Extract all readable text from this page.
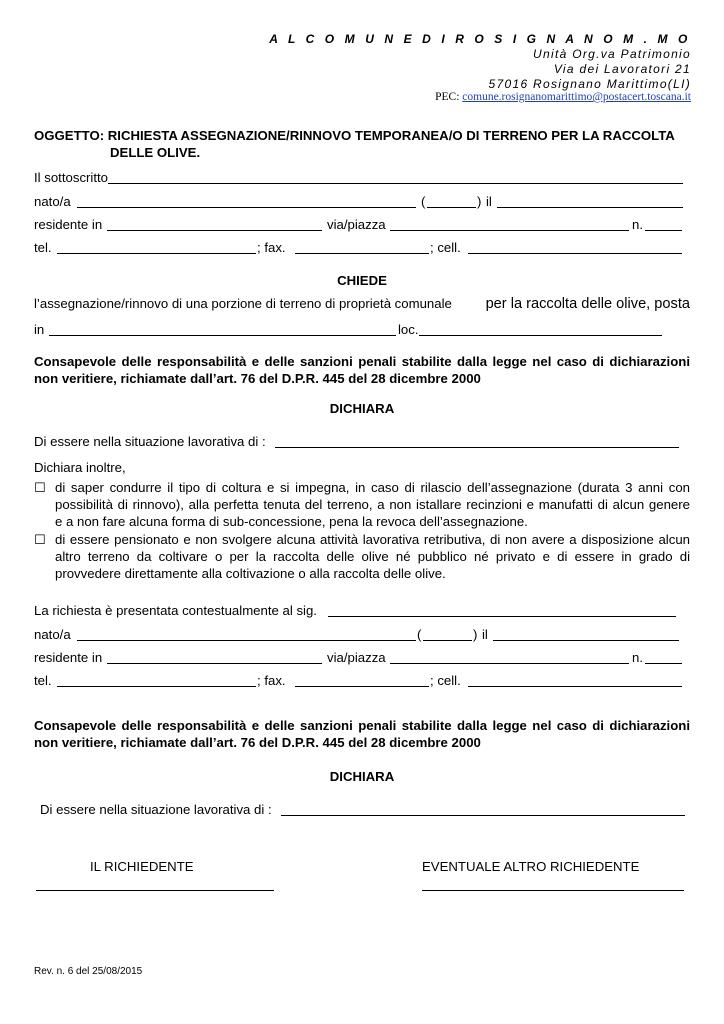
A L C O M U N E D I R O S I G N A N O M . M O
Unità Org.va Patrimonio
Via dei Lavoratori 21
57016 Rosignano Marittimo(LI)
PEC: comune.rosignanomarittimo@postacert.toscana.it
OGGETTO: RICHIESTA ASSEGNAZIONE/RINNOVO TEMPORANEA/O DI TERRENO PER LA RACCOLTA
DELLE OLIVE.
Il sottoscritto
nato/a	(	) il
residente in	via/piazza	n.
tel.	; fax.	; cell.
CHIEDE
l’assegnazione/rinnovo di una porzione di terreno di proprietà comunale per la raccolta delle olive, posta
in	loc.
Consapevole delle responsabilità e delle sanzioni penali stabilite dalla legge nel caso di dichiarazioni
non veritiere, richiamate dall’art. 76 del D.P.R. 445 del 28 dicembre 2000
DICHIARA
Di essere nella situazione lavorativa di :
Dichiara inoltre,
☐ di saper condurre il tipo di coltura e si impegna, in caso di rilascio dell’assegnazione (durata 3 anni con
possibilità di rinnovo), alla perfetta tenuta del terreno, a non istallare recinzioni e manufatti di alcun genere
e a non fare alcuna forma di sub-concessione, pena la revoca dell’assegnazione.
☐ di essere pensionato e non svolgere alcuna attività lavorativa retributiva, di non avere a disposizione alcun
altro terreno da coltivare o per la raccolta delle olive né pubblico né privato e di essere in grado di
provvedere direttamente alla coltivazione o alla raccolta delle olive.
La richiesta è presentata contestualmente al sig.
nato/a	(	) il
residente in	via/piazza	n.
tel.	; fax.	; cell.
Consapevole delle responsabilità e delle sanzioni penali stabilite dalla legge nel caso di dichiarazioni
non veritiere, richiamate dall’art. 76 del D.P.R. 445 del 28 dicembre 2000
DICHIARA
Di essere nella situazione lavorativa di :
IL RICHIEDENTE	EVENTUALE ALTRO RICHIEDENTE
Rev. n. 6 del 25/08/2015
